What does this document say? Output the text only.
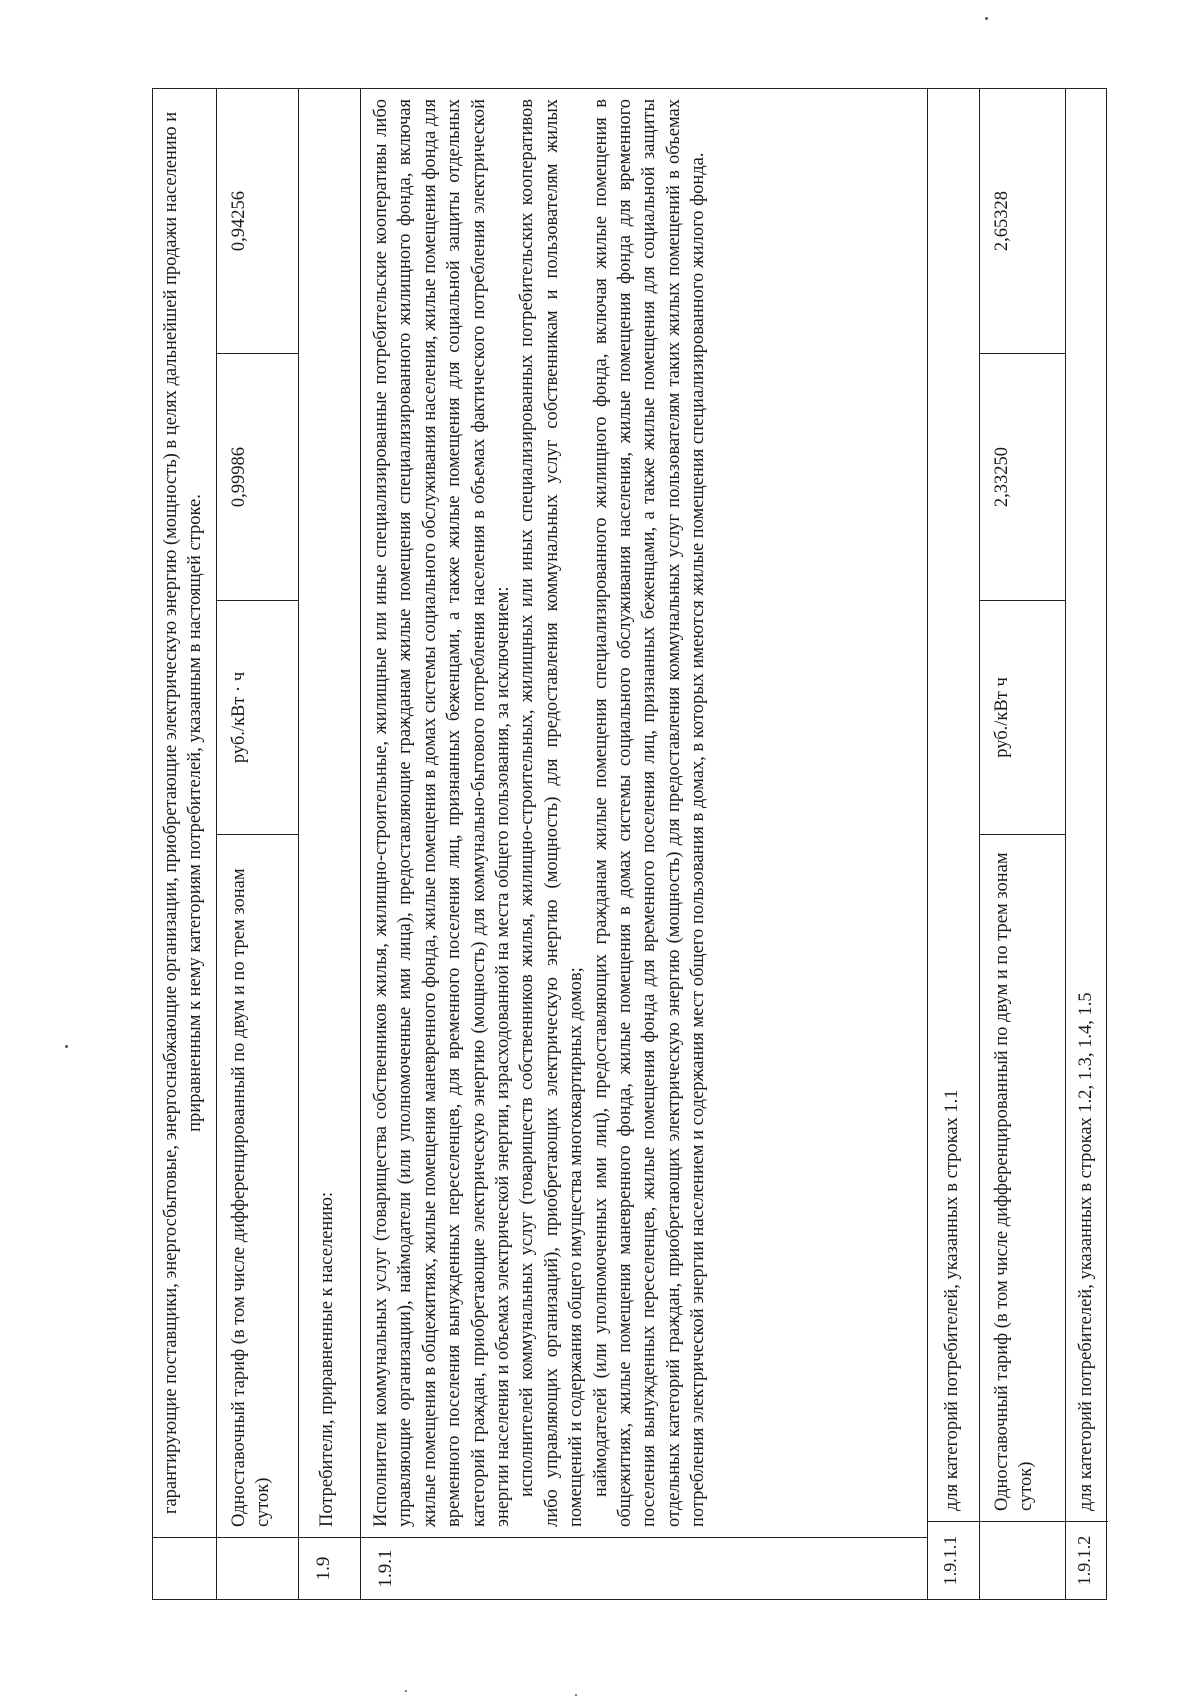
гарантирующие поставщики, энергосбытовые, энергоснабжающие организации, приобретающие электрическую энергию (мощность) в целях дальнейшей продажи населению и приравненным к нему категориям потребителей, указанным в настоящей строке.
Одноставочный тариф (в том числе дифференцированный по двум и по трем зонам суток)
руб./кВт · ч
0,99986
0,94256
1.9
Потребители, приравненные к населению:
1.9.1
Исполнители коммунальных услуг (товарищества собственников жилья, жилищно-строительные, жилищные или иные специализированные потребительские кооперативы либо управляющие организации), наймодатели (или уполномоченные ими лица), предоставляющие гражданам жилые помещения специализированного жилищного фонда, включая жилые помещения в общежитиях, жилые помещения маневренного фонда, жилые помещения в домах системы социального обслуживания населения, жилые помещения фонда для временного поселения вынужденных переселенцев, для временного поселения лиц, признанных беженцами, а также жилые помещения для социальной защиты отдельных категорий граждан, приобретающие электрическую энергию (мощность) для коммунально-бытового потребления населения в объемах фактического потребления электрической энергии населения и объемах электрической энергии, израсходованной на места общего пользования, за исключением: исполнителей коммунальных услуг (товариществ собственников жилья, жилищно-строительных, жилищных или иных специализированных потребительских кооперативов либо управляющих организаций), приобретающих электрическую энергию (мощность) для предоставления коммунальных услуг собственникам и пользователям жилых помещений и содержания общего имущества многоквартирных домов; наймодателей (или уполномоченных ими лиц), предоставляющих гражданам жилые помещения специализированного жилищного фонда, включая жилые помещения в общежитиях, жилые помещения маневренного фонда, жилые помещения в домах системы социального обслуживания населения, жилые помещения фонда для временного поселения вынужденных переселенцев, жилые помещения фонда для временного поселения лиц, признанных беженцами, а также жилые помещения для социальной защиты отдельных категорий граждан, приобретающих электрическую энергию (мощность) для предоставления коммунальных услуг пользователям таких жилых помещений в объемах потребления электрической энергии населением и содержания мест общего пользования в домах, в которых имеются жилые помещения специализированного жилого фонда.
1.9.1.1
для категорий потребителей, указанных в строках 1.1	Одноставочный тариф (в том числе дифференцированный по двум и по трем зонам суток)
руб./кВт ч
2,33250
2,65328
1.9.1.2
для категорий потребителей, указанных в строках 1.2, 1.3, 1.4, 1.5
